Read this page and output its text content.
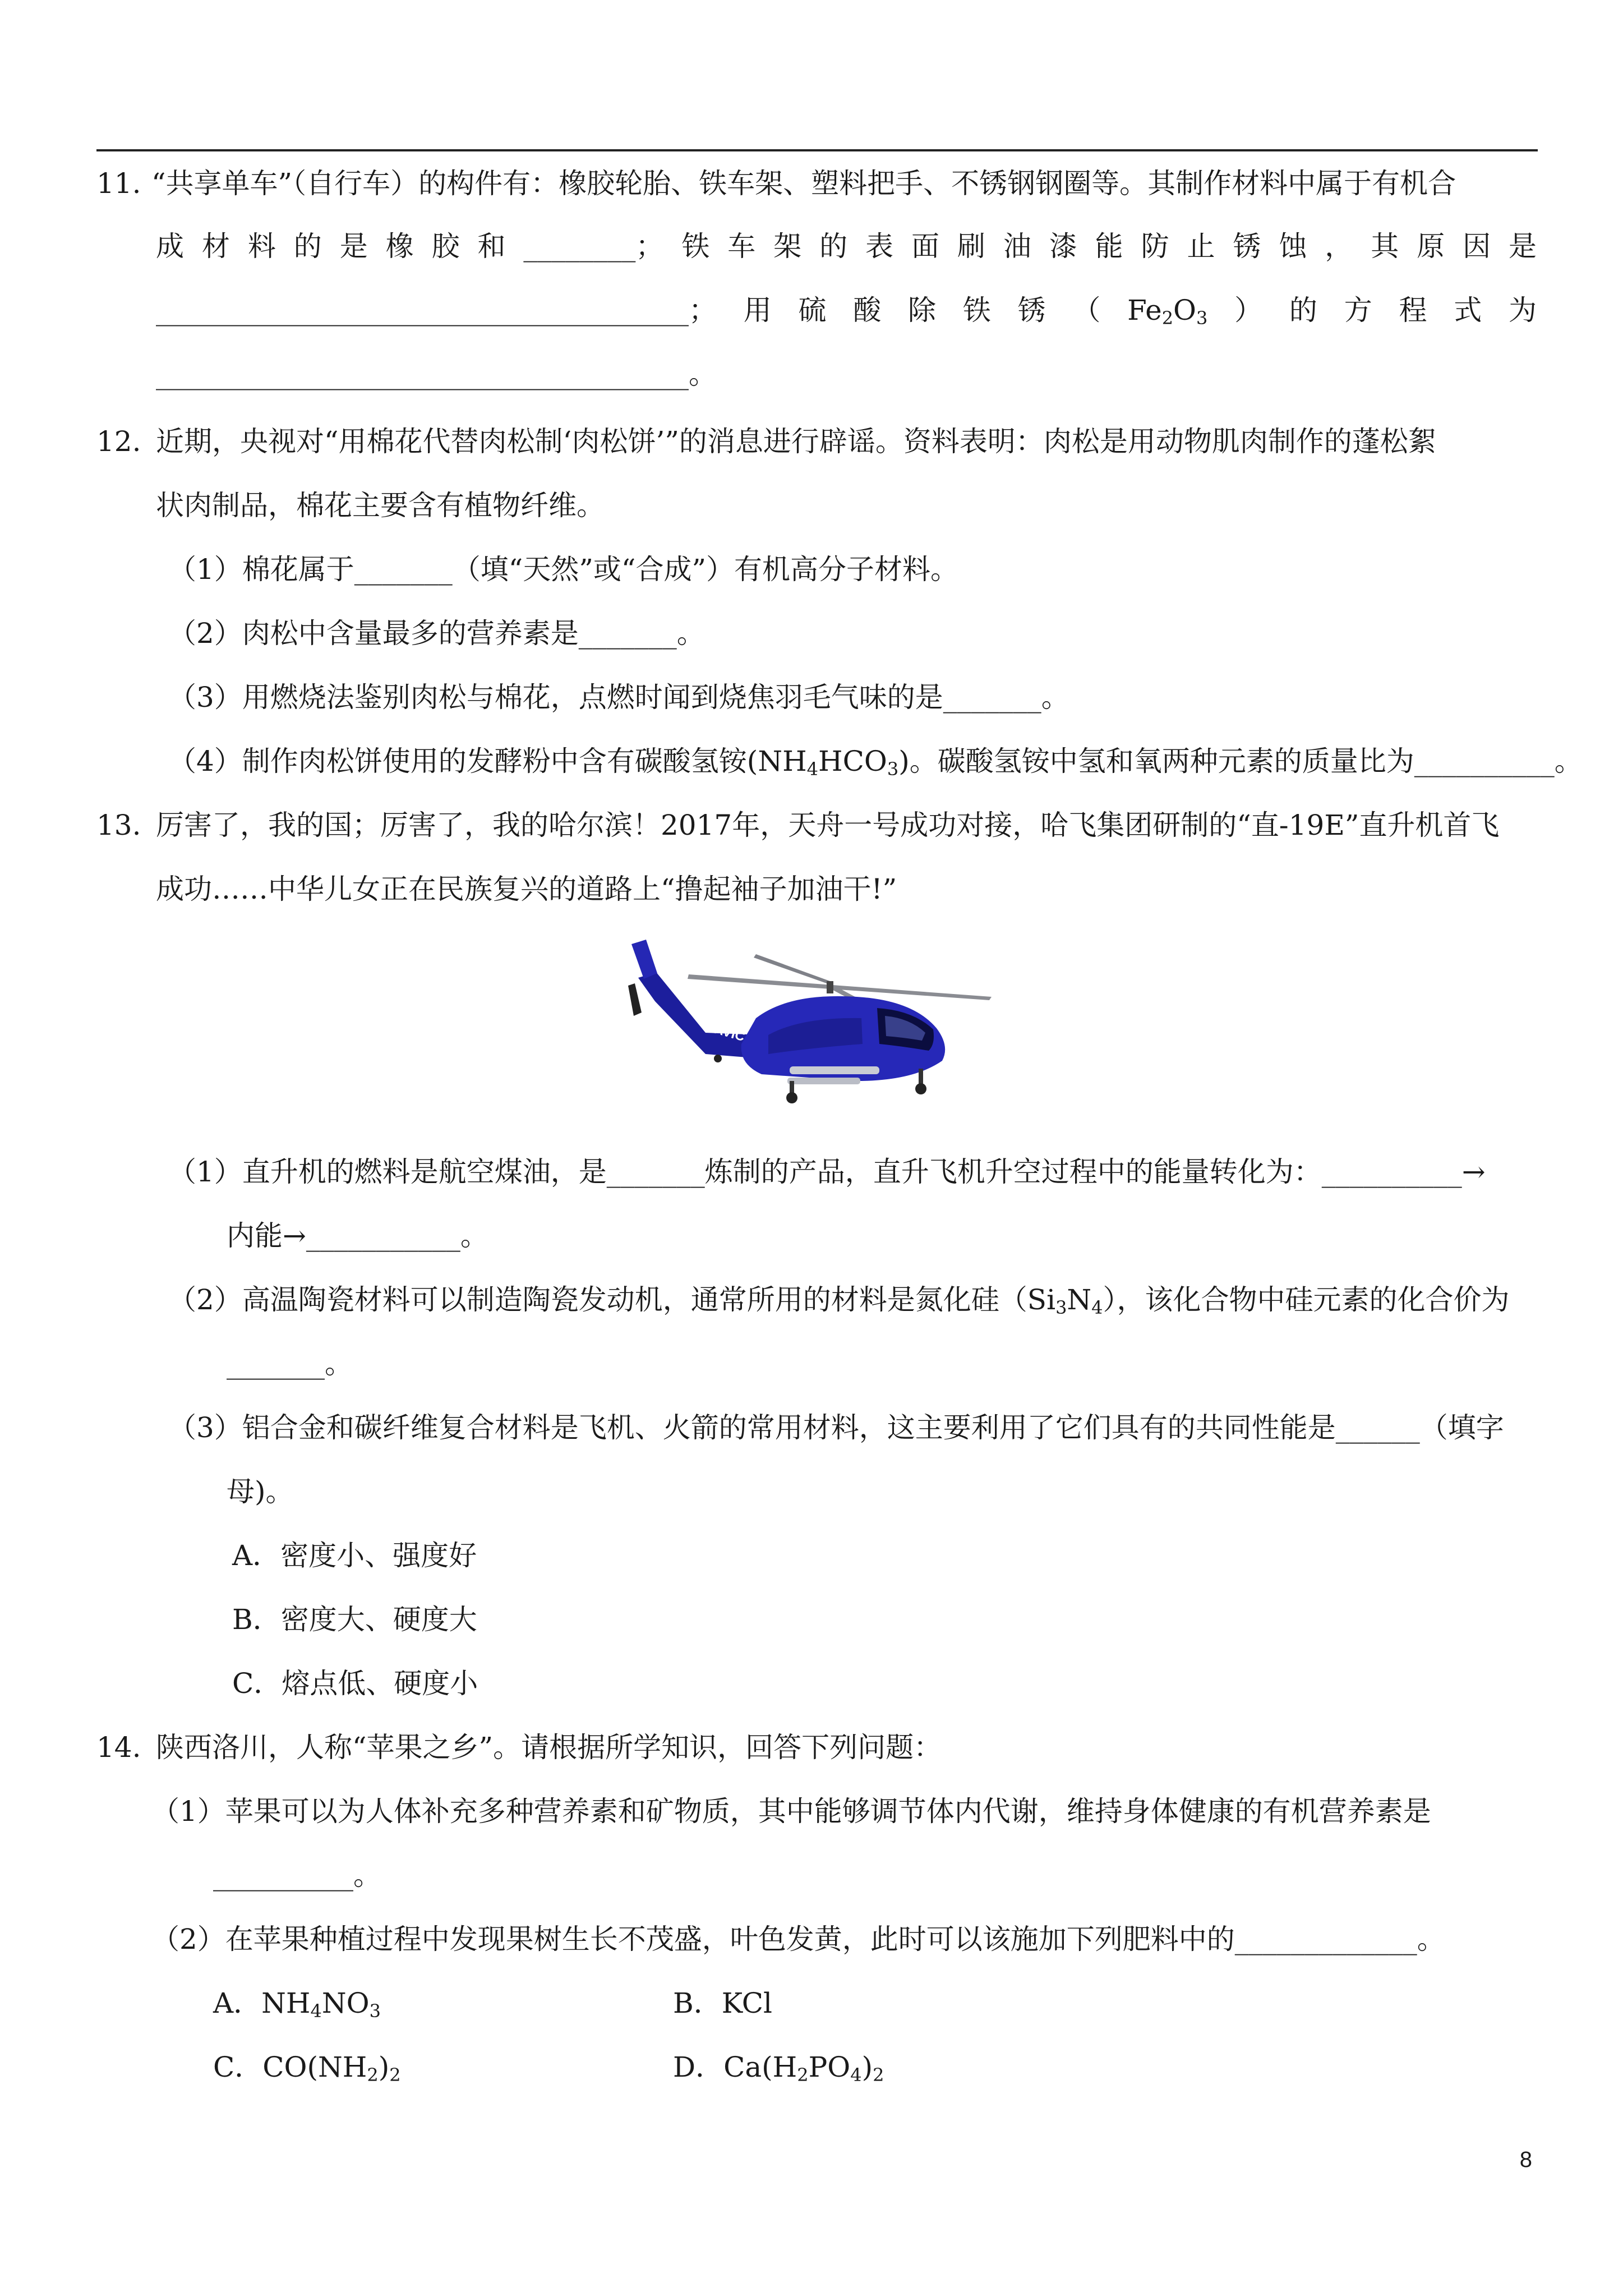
11. “共享单车”（自行车）的构件有：橡胶轮胎、铁车架、塑料把手、不锈钢钢圈等。其制作材料中属于有机合
成材料的是橡胶和________；铁车架的表面刷油漆能防止锈蚀，其原因是
______________________________________；用硫酸除铁锈$(Fe_2O_3)$的方程式为
______________________________________。
12. 近期，央视对“用棉花代替肉松制‘肉松饼’”的消息进行辟谣。资料表明：肉松是用动物肌肉制作的蓬松絮
状肉制品，棉花主要含有植物纤维。
（1）棉花属于_______（填“天然”或“合成”）有机高分子材料。
（2）肉松中含量最多的营养素是_______。
（3）用燃烧法鉴别肉松与棉花，点燃时闻到烧焦羽毛气味的是_______。
（4）制作肉松饼使用的发酵粉中含有碳酸氢铵$(NH_4HCO_3)$。碳酸氢铵中氢和氧两种元素的质量比为__________。
13. 厉害了，我的国；厉害了，我的哈尔滨！2017年，天舟一号成功对接，哈飞集团研制的“直-19E”直升机首飞
成功……中华儿女正在民族复兴的道路上“撸起袖子加油干!”
AVIC
（1）直升机的燃料是航空煤油，是_______炼制的产品，直升飞机升空过程中的能量转化为：__________→
内能→___________。
（2）高温陶瓷材料可以制造陶瓷发动机，通常所用的材料是氮化硅$(Si_3N_4)$，该化合物中硅元素的化合价为
_______。
（3）铝合金和碳纤维复合材料是飞机、火箭的常用材料，这主要利用了它们具有的共同性能是______（填字
母)。
A．密度小、强度好
B．密度大、硬度大
C．熔点低、硬度小
14. 陕西洛川，人称“苹果之乡”。请根据所学知识，回答下列问题：
（1）苹果可以为人体补充多种营养素和矿物质，其中能够调节体内代谢，维持身体健康的有机营养素是
__________。
（2）在苹果种植过程中发现果树生长不茂盛，叶色发黄，此时可以该施加下列肥料中的_____________。
A．$NH_4NO_3$	B．KCl
C．$CO(NH_2)_2$	D．$Ca(H_2PO_4)_2$
8
